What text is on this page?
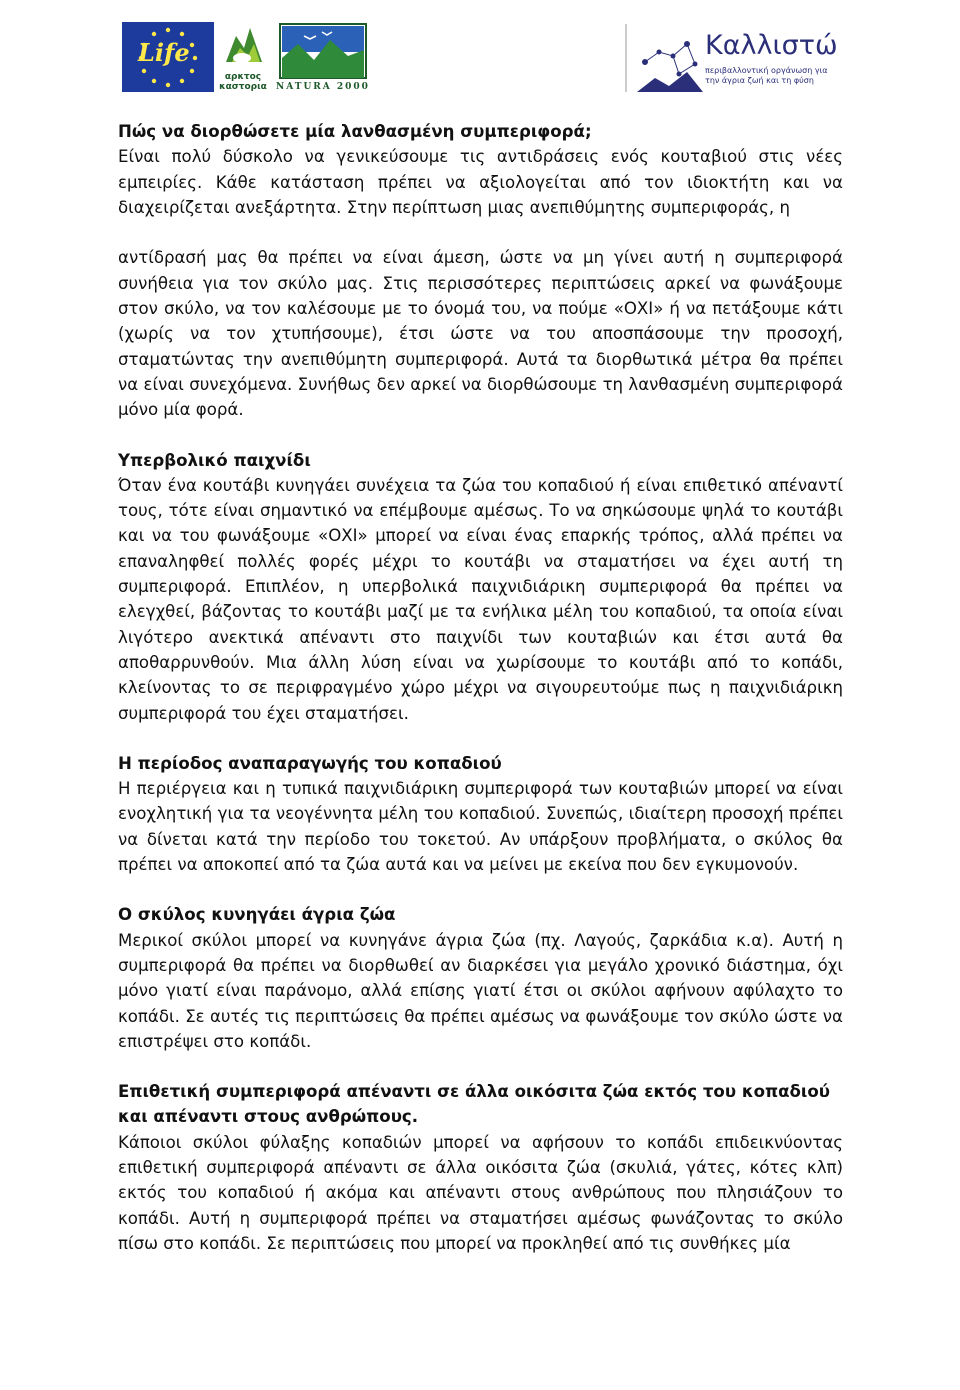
Life
αρκτος καστορια NATURA 2000
Καλλιστώ
περιβαλλοντική οργάνωση για την άγρια ζωή και τη φύση
Πώς να διορθώσετε μία λανθασμένη συμπεριφορά;

Είναι πολύ δύσκολο να γενικεύσουμε τις αντιδράσεις ενός κουταβιού στις νέες εμπειρίες. Κάθε κατάσταση πρέπει να αξιολογείται από τον ιδιοκτήτη και να διαχειρίζεται ανεξάρτητα. Στην περίπτωση μιας ανεπιθύμητης συμπεριφοράς, η

αντίδρασή μας θα πρέπει να είναι άμεση, ώστε να μη γίνει αυτή η συμπεριφορά συνήθεια για τον σκύλο μας. Στις περισσότερες περιπτώσεις αρκεί να φωνάξουμε στον σκύλο, να τον καλέσουμε με το όνομά του, να πούμε «ΟΧΙ» ή να πετάξουμε κάτι (χωρίς να τον χτυπήσουμε), έτσι ώστε να του αποσπάσουμε την προσοχή, σταματώντας την ανεπιθύμητη συμπεριφορά. Αυτά τα διορθωτικά μέτρα θα πρέπει να είναι συνεχόμενα. Συνήθως δεν αρκεί να διορθώσουμε τη λανθασμένη συμπεριφορά μόνο μία φορά.

Υπερβολικό παιχνίδι

Όταν ένα κουτάβι κυνηγάει συνέχεια τα ζώα του κοπαδιού ή είναι επιθετικό απέναντί τους, τότε είναι σημαντικό να επέμβουμε αμέσως. Το να σηκώσουμε ψηλά το κουτάβι και να του φωνάξουμε «ΟΧΙ» μπορεί να είναι ένας επαρκής τρόπος, αλλά πρέπει να επαναληφθεί πολλές φορές μέχρι το κουτάβι να σταματήσει να έχει αυτή τη συμπεριφορά. Επιπλέον, η υπερβολικά παιχνιδιάρικη συμπεριφορά θα πρέπει να ελεγχθεί, βάζοντας το κουτάβι μαζί με τα ενήλικα μέλη του κοπαδιού, τα οποία είναι λιγότερο ανεκτικά απέναντι στο παιχνίδι των κουταβιών και έτσι αυτά θα αποθαρρυνθούν. Μια άλλη λύση είναι να χωρίσουμε το κουτάβι από το κοπάδι, κλείνοντας το σε περιφραγμένο χώρο μέχρι να σιγουρευτούμε πως η παιχνιδιάρικη συμπεριφορά του έχει σταματήσει.

Η περίοδος αναπαραγωγής του κοπαδιού

Η περιέργεια και η τυπικά παιχνιδιάρικη συμπεριφορά των κουταβιών μπορεί να είναι ενοχλητική για τα νεογέννητα μέλη του κοπαδιού. Συνεπώς, ιδιαίτερη προσοχή πρέπει να δίνεται κατά την περίοδο του τοκετού. Αν υπάρξουν προβλήματα, ο σκύλος θα πρέπει να αποκοπεί από τα ζώα αυτά και να μείνει με εκείνα που δεν εγκυμονούν.

Ο σκύλος κυνηγάει άγρια ζώα

Μερικοί σκύλοι μπορεί να κυνηγάνε άγρια ζώα (πχ. Λαγούς, ζαρκάδια κ.α). Αυτή η συμπεριφορά θα πρέπει να διορθωθεί αν διαρκέσει για μεγάλο χρονικό διάστημα, όχι μόνο γιατί είναι παράνομο, αλλά επίσης γιατί έτσι οι σκύλοι αφήνουν αφύλαχτο το κοπάδι. Σε αυτές τις περιπτώσεις θα πρέπει αμέσως να φωνάξουμε τον σκύλο ώστε να επιστρέψει στο κοπάδι.

Επιθετική συμπεριφορά απέναντι σε άλλα οικόσιτα ζώα εκτός του κοπαδιού και απέναντι στους ανθρώπους.

Κάποιοι σκύλοι φύλαξης κοπαδιών μπορεί να αφήσουν το κοπάδι επιδεικνύοντας επιθετική συμπεριφορά απέναντι σε άλλα οικόσιτα ζώα (σκυλιά, γάτες, κότες κλπ) εκτός του κοπαδιού ή ακόμα και απέναντι στους ανθρώπους που πλησιάζουν το κοπάδι. Αυτή η συμπεριφορά πρέπει να σταματήσει αμέσως φωνάζοντας το σκύλο πίσω στο κοπάδι. Σε περιπτώσεις που μπορεί να προκληθεί από τις συνθήκες μία
